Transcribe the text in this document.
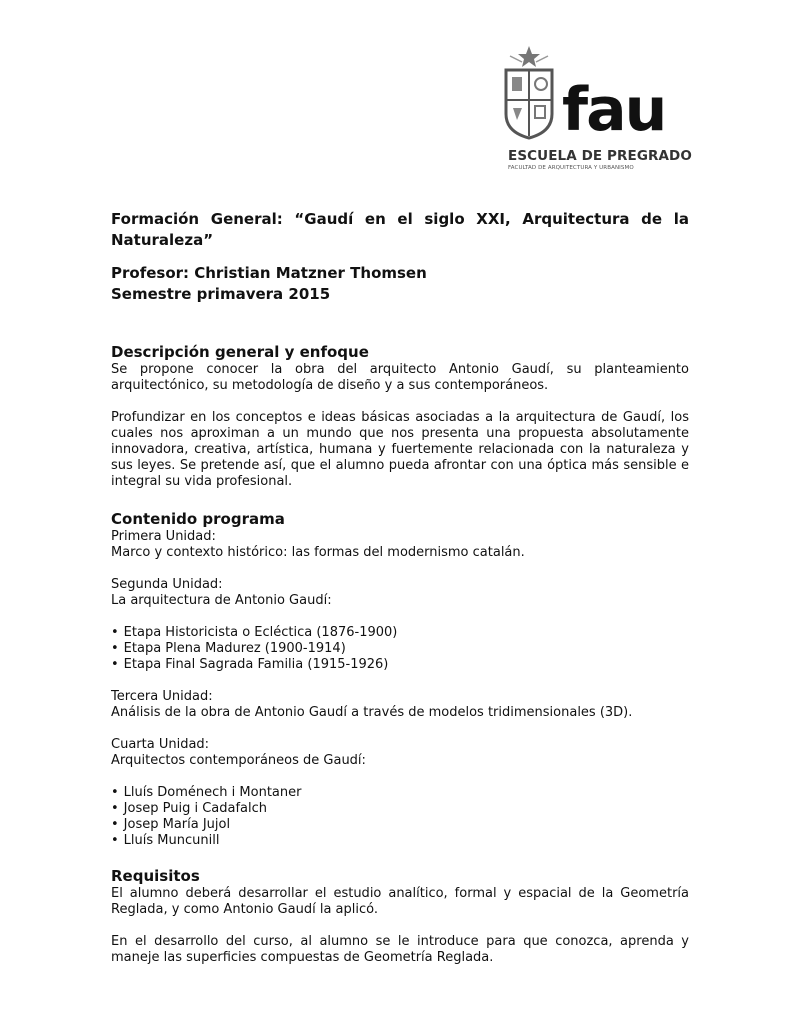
fau
ESCUELA DE PREGRADO
FACULTAD DE ARQUITECTURA Y URBANISMO

Formación General: “Gaudí en el siglo XXI, Arquitectura de la Naturaleza”

Profesor: Christian Matzner Thomsen
Semestre primavera 2015
Descripción general y enfoque

Se propone conocer la obra del arquitecto Antonio Gaudí, su planteamiento arquitectónico, su metodología de diseño y a sus contemporáneos.

Profundizar en los conceptos e ideas básicas asociadas a la arquitectura de Gaudí, los cuales nos aproximan a un mundo que nos presenta una propuesta absolutamente innovadora, creativa, artística, humana y fuertemente relacionada con la naturaleza y sus leyes. Se pretende así, que el alumno pueda afrontar con una óptica más sensible e integral su vida profesional.

Contenido programa

Primera Unidad:

Marco y contexto histórico: las formas del modernismo catalán.

Segunda Unidad:

La arquitectura de Antonio Gaudí:

• Etapa Historicista o Ecléctica (1876-1900)
• Etapa Plena Madurez (1900-1914)
• Etapa Final Sagrada Familia (1915-1926)

Tercera Unidad:

Análisis de la obra de Antonio Gaudí a través de modelos tridimensionales (3D).

Cuarta Unidad:

Arquitectos contemporáneos de Gaudí:

• Lluís Doménech i Montaner
• Josep Puig i Cadafalch
• Josep María Jujol
• Lluís Muncunill
Requisitos

El alumno deberá desarrollar el estudio analítico, formal y espacial de la Geometría Reglada, y como Antonio Gaudí la aplicó.

En el desarrollo del curso, al alumno se le introduce para que conozca, aprenda y maneje las superficies compuestas de Geometría Reglada.
